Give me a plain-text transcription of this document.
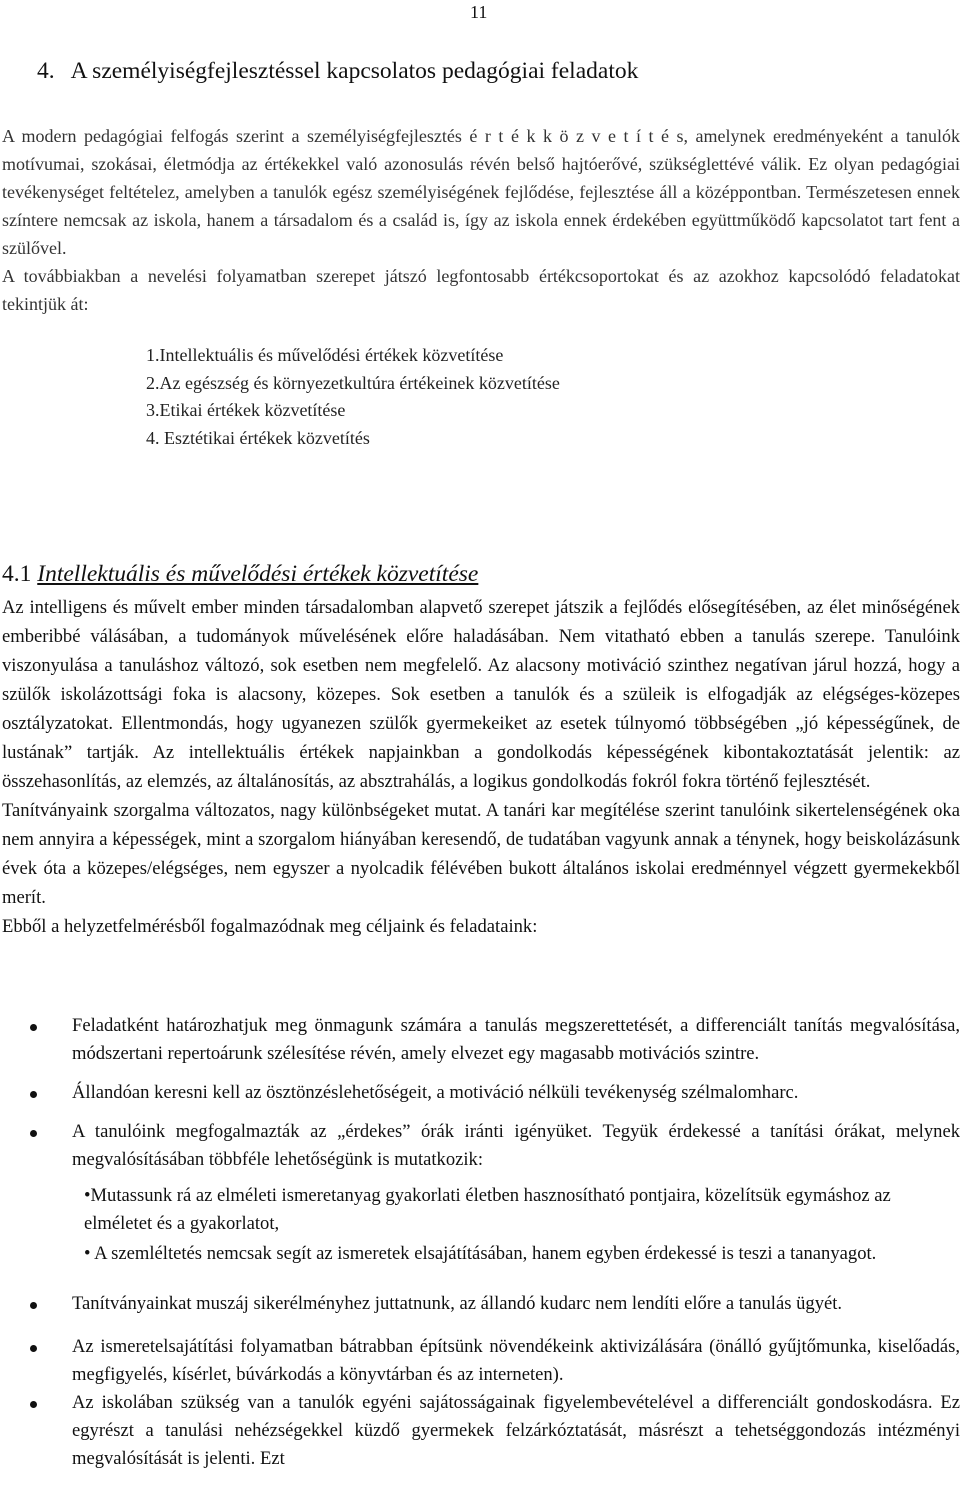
11
4. A személyiségfejlesztéssel kapcsolatos pedagógiai feladatok

A modern pedagógiai felfogás szerint a személyiségfejlesztés é r t é k k ö z v e t í t é s, amelynek eredményeként a tanulók motívumai, szokásai, életmódja az értékekkel való azonosulás révén belső hajtóerővé, szükséglettévé válik. Ez olyan pedagógiai tevékenységet feltételez, amelyben a tanulók egész személyiségének fejlődése, fejlesztése áll a középpontban. Természetesen ennek színtere nemcsak az iskola, hanem a társadalom és a család is, így az iskola ennek érdekében együttműködő kapcsolatot tart fent a szülővel.

A továbbiakban a nevelési folyamatban szerepet játszó legfontosabb értékcsoportokat és az azokhoz kapcsolódó feladatokat tekintjük át:

1.Intellektuális és művelődési értékek közvetítése
2.Az egészség és környezetkultúra értékeinek közvetítése
3.Etikai értékek közvetítése
4. Esztétikai értékek közvetítés
4.1 Intellektuális és művelődési értékek közvetítése

Az intelligens és művelt ember minden társadalomban alapvető szerepet játszik a fejlődés elősegítésében, az élet minőségének emberibbé válásában, a tudományok művelésének előre haladásában. Nem vitatható ebben a tanulás szerepe. Tanulóink viszonyulása a tanuláshoz változó, sok esetben nem megfelelő. Az alacsony motiváció szinthez negatívan járul hozzá, hogy a szülők iskolázottsági foka is alacsony, közepes. Sok esetben a tanulók és a szüleik is elfogadják az elégséges-közepes osztályzatokat. Ellentmondás, hogy ugyanezen szülők gyermekeiket az esetek túlnyomó többségében „jó képességűnek, de lustának” tartják. Az intellektuális értékek napjainkban a gondolkodás képességének kibontakoztatását jelentik: az összehasonlítás, az elemzés, az általánosítás, az absztrahálás, a logikus gondolkodás fokról fokra történő fejlesztését.

Tanítványaink szorgalma változatos, nagy különbségeket mutat. A tanári kar megítélése szerint tanulóink sikertelenségének oka nem annyira a képességek, mint a szorgalom hiányában keresendő, de tudatában vagyunk annak a ténynek, hogy beiskolázásunk évek óta a közepes/elégséges, nem egyszer a nyolcadik félévében bukott általános iskolai eredménnyel végzett gyermekekből merít.

Ebből a helyzetfelmérésből fogalmazódnak meg céljaink és feladataink:

Feladatként határozhatjuk meg önmagunk számára a tanulás megszerettetését, a differenciált tanítás megvalósítása, módszertani repertoárunk szélesítése révén, amely elvezet egy magasabb motivációs szintre.
Állandóan keresni kell az ösztönzéslehetőségeit, a motiváció nélküli tevékenység szélmalomharc.
A tanulóink megfogalmazták az „érdekes” órák iránti igényüket. Tegyük érdekessé a tanítási órákat, melynek megvalósításában többféle lehetőségünk is mutatkozik:
•Mutassunk rá az elméleti ismeretanyag gyakorlati életben hasznosítható pontjaira, közelítsük egymáshoz az elméletet és a gyakorlatot,
• A szemléltetés nemcsak segít az ismeretek elsajátításában, hanem egyben érdekessé is teszi a tananyagot.
Tanítványainkat muszáj sikerélményhez juttatnunk, az állandó kudarc nem lendíti előre a tanulás ügyét.
Az ismeretelsajátítási folyamatban bátrabban építsünk növendékeink aktivizálására (önálló gyűjtőmunka, kiselőadás, megfigyelés, kísérlet, búvárkodás a könyvtárban és az interneten).
Az iskolában szükség van a tanulók egyéni sajátosságainak figyelembevételével a differenciált gondoskodásra. Ez egyrészt a tanulási nehézségekkel küzdő gyermekek felzárkóztatását, másrészt a tehetséggondozás intézményi megvalósítását is jelenti. Ezt
